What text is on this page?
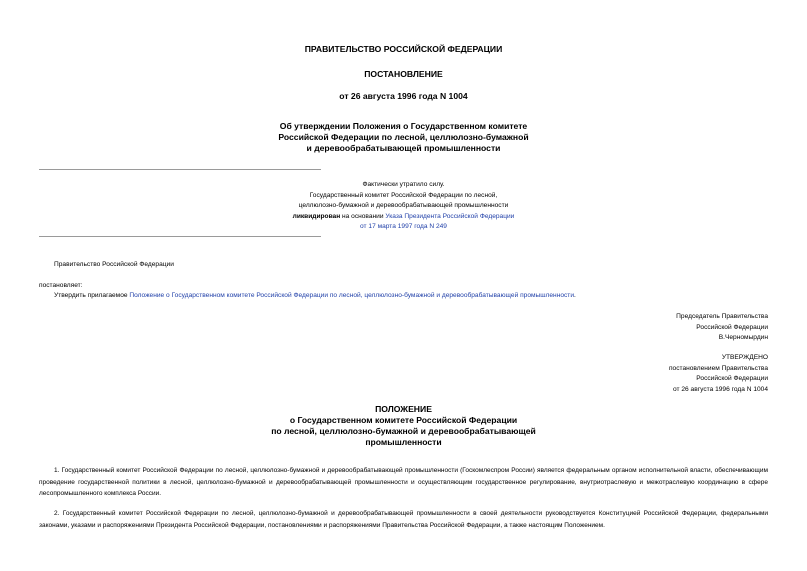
ПРАВИТЕЛЬСТВО РОССИЙСКОЙ ФЕДЕРАЦИИ
ПОСТАНОВЛЕНИЕ
от 26 августа 1996 года N 1004
Об утверждении Положения о Государственном комитете
Российской Федерации по лесной, целлюлозно-бумажной
и деревообрабатывающей промышленности
Фактически утратило силу.
Государственный комитет Российской Федерации по лесной,
целлюлозно-бумажной и деревообрабатывающей промышленности
ликвидирован на основании Указа Президента Российской Федерации
от 17 марта 1997 года N 249
Правительство Российской Федерации
постановляет:
Утвердить прилагаемое Положение о Государственном комитете Российской Федерации по лесной, целлюлозно-бумажной и деревообрабатывающей промышленности.
Председатель Правительства
Российской Федерации
В.Черномырдин
УТВЕРЖДЕНО
постановлением Правительства
Российской Федерации
от 26 августа 1996 года N 1004
ПОЛОЖЕНИЕ
о Государственном комитете Российской Федерации
по лесной, целлюлозно-бумажной и деревообрабатывающей
промышленности
1. Государственный комитет Российской Федерации по лесной, целлюлозно-бумажной и деревообрабатывающей промышленности (Госкомлеспром России) является федеральным органом исполнительной власти, обеспечивающим проведение государственной политики в лесной, целлюлозно-бумажной и деревообрабатывающей промышленности и осуществляющим государственное регулирование, внутриотраслевую и межотраслевую координацию в сфере лесопромышленного комплекса России.
2. Государственный комитет Российской Федерации по лесной, целлюлозно-бумажной и деревообрабатывающей промышленности в своей деятельности руководствуется Конституцией Российской Федерации, федеральными законами, указами и распоряжениями Президента Российской Федерации, постановлениями и распоряжениями Правительства Российской Федерации, а также настоящим Положением.
